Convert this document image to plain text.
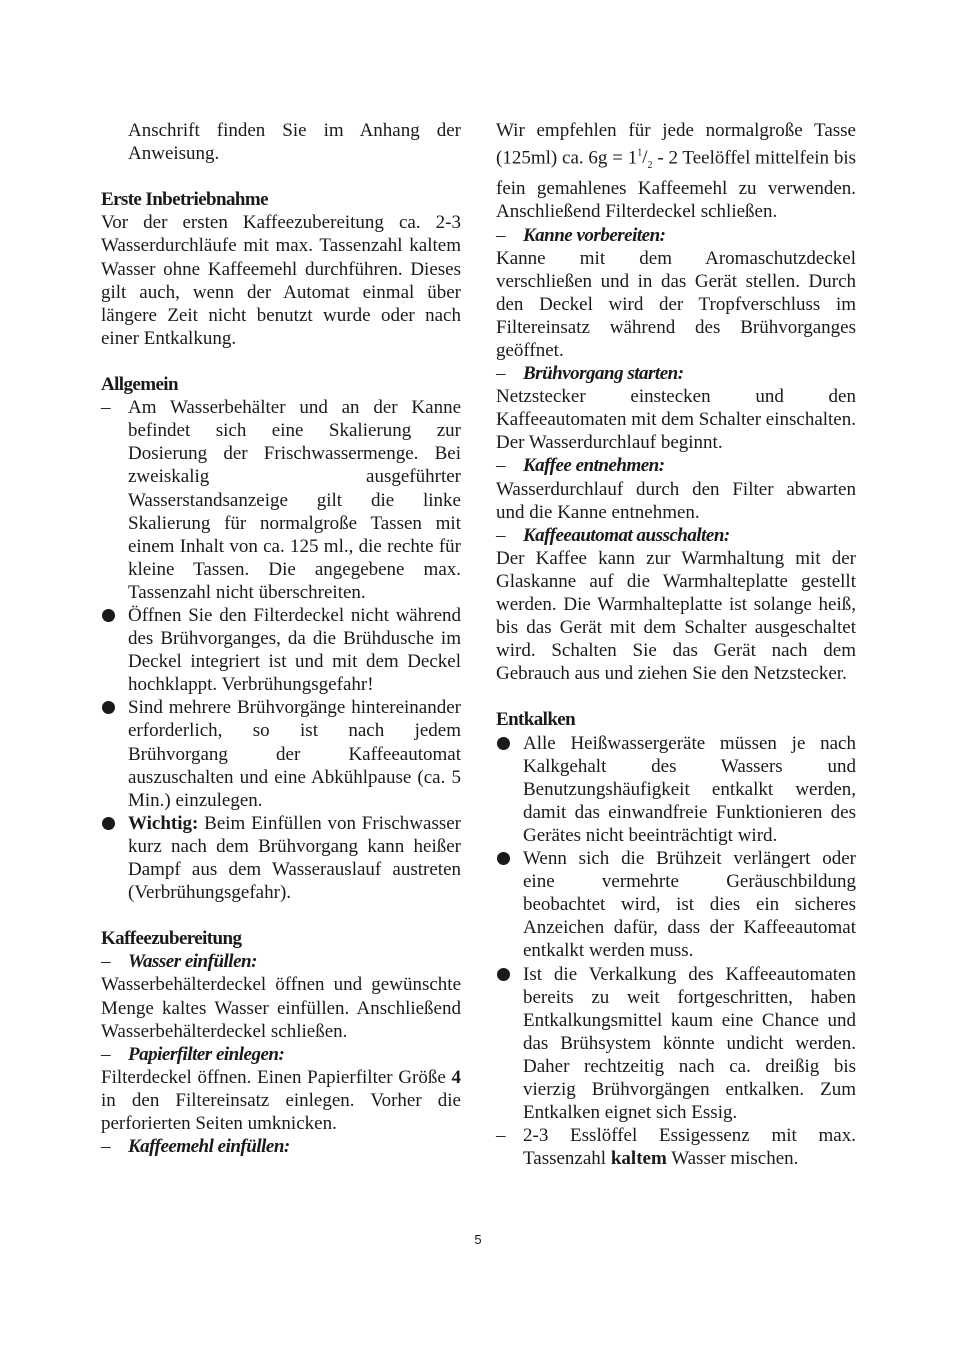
Anschrift finden Sie im Anhang der Anweisung.

Erste Inbetriebnahme

Vor der ersten Kaffeezubereitung ca. 2-3 Wasserdurchläufe mit max. Tassenzahl kaltem Wasser ohne Kaffeemehl durchführen. Dieses gilt auch, wenn der Automat einmal über längere Zeit nicht benutzt wurde oder nach einer Entkalkung.

Allgemein

– Am Wasserbehälter und an der Kanne befindet sich eine Skalierung zur Dosierung der Frischwassermenge. Bei zweiskalig ausgeführter Wasserstandsanzeige gilt die linke Skalierung für normalgroße Tassen mit einem Inhalt von ca. 125 ml., die rechte für kleine Tassen. Die angegebene max. Tassenzahl nicht überschreiten.
Öffnen Sie den Filterdeckel nicht während des Brühvorganges, da die Brühdusche im Deckel integriert ist und mit dem Deckel hochklappt. Verbrühungsgefahr!
Sind mehrere Brühvorgänge hintereinander erforderlich, so ist nach jedem Brühvorgang der Kaffeeautomat auszuschalten und eine Abkühlpause (ca. 5 Min.) einzulegen.
Wichtig: Beim Einfüllen von Frischwasser kurz nach dem Brühvorgang kann heißer Dampf aus dem Wasserauslauf austreten (Verbrühungsgefahr).

Kaffeezubereitung

– Wasser einfüllen:

Wasserbehälterdeckel öffnen und gewünschte Menge kaltes Wasser einfüllen. Anschließend Wasserbehälterdeckel schließen.

– Papierfilter einlegen:

Filterdeckel öffnen. Einen Papierfilter Größe 4 in den Filtereinsatz einlegen. Vorher die perforierten Seiten umknicken.

– Kaffeemehl einfüllen:

Wir empfehlen für jede normalgroße Tasse (125ml) ca. $6g = 1^1/_2 - 2$ Teelöffel mittelfein bis fein gemahlenes Kaffeemehl zu verwenden. Anschließend Filterdeckel schließen.

– Kanne vorbereiten:

Kanne mit dem Aromaschutzdeckel verschließen und in das Gerät stellen. Durch den Deckel wird der Tropfverschluss im Filtereinsatz während des Brühvorganges geöffnet.

– Brühvorgang starten:

Netzstecker einstecken und den Kaffeeautomaten mit dem Schalter einschalten. Der Wasserdurchlauf beginnt.

– Kaffee entnehmen:

Wasserdurchlauf durch den Filter abwarten und die Kanne entnehmen.

– Kaffeeautomat ausschalten:

Der Kaffee kann zur Warmhaltung mit der Glaskanne auf die Warmhalteplatte gestellt werden. Die Warmhalteplatte ist solange heiß, bis das Gerät mit dem Schalter ausgeschaltet wird. Schalten Sie das Gerät nach dem Gebrauch aus und ziehen Sie den Netzstecker.

Entkalken

Alle Heißwassergeräte müssen je nach Kalkgehalt des Wassers und Benutzungshäufigkeit entkalkt werden, damit das einwandfreie Funktionieren des Gerätes nicht beeinträchtigt wird.
Wenn sich die Brühzeit verlängert oder eine vermehrte Geräuschbildung beobachtet wird, ist dies ein sicheres Anzeichen dafür, dass der Kaffeeautomat entkalkt werden muss.
Ist die Verkalkung des Kaffeeautomaten bereits zu weit fortgeschritten, haben Entkalkungsmittel kaum eine Chance und das Brühsystem könnte undicht werden. Daher rechtzeitig nach ca. dreißig bis vierzig Brühvorgängen entkalken. Zum Entkalken eignet sich Essig.
– 2-3 Esslöffel Essigessenz mit max. Tassenzahl kaltem Wasser mischen.
5
